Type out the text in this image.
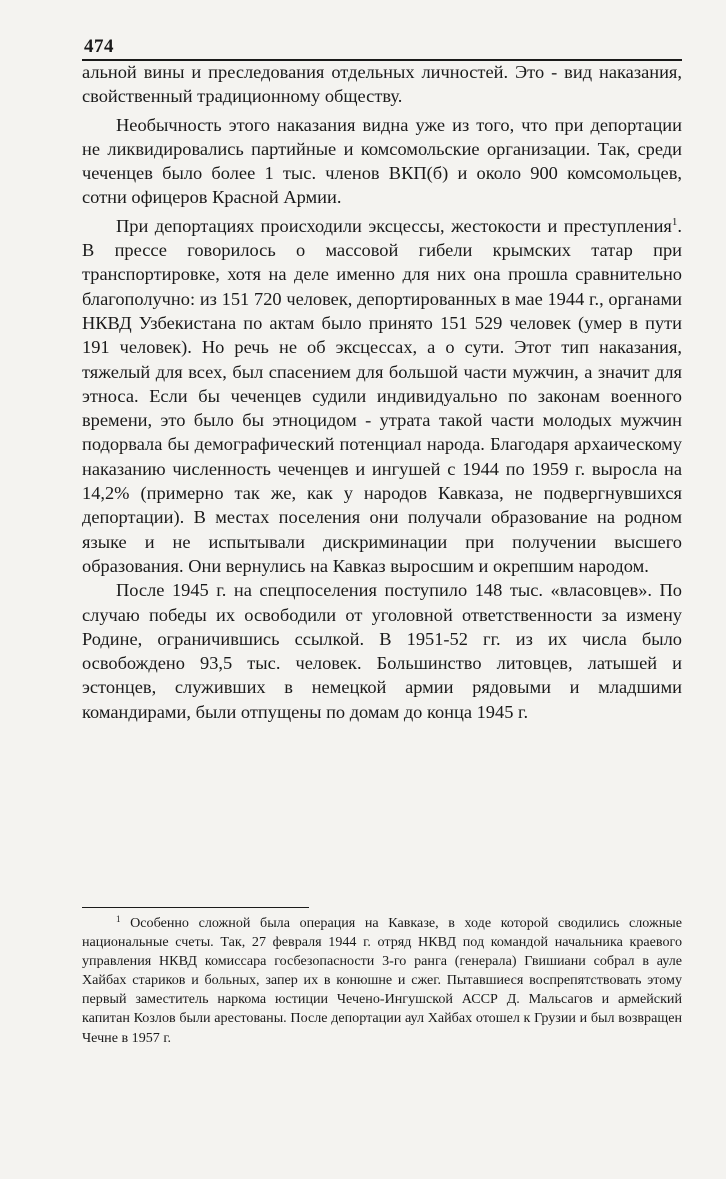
474

альной вины и преследования отдельных личностей. Это - вид наказания, свойственный традиционному обществу.

Необычность этого наказания видна уже из того, что при депортации не ликвидировались партийные и комсомольские организации. Так, среди чеченцев было более 1 тыс. членов ВКП(б) и около 900 комсомольцев, сотни офицеров Красной Армии.

При депортациях происходили эксцессы, жестокости и преступления$^1$. В прессе говорилось о массовой гибели крымских татар при транспортировке, хотя на деле именно для них она прошла сравнительно благополучно: из 151 720 человек, депортированных в мае 1944 г., органами НКВД Узбекистана по актам было принято 151 529 человек (умер в пути 191 человек). Но речь не об эксцессах, а о сути. Этот тип наказания, тяжелый для всех, был спасением для большой части мужчин, а значит для этноса. Если бы чеченцев судили индивидуально по законам военного времени, это было бы этноцидом - утрата такой части молодых мужчин подорвала бы демографический потенциал народа. Благодаря архаическому наказанию численность чеченцев и ингушей с 1944 по 1959 г. выросла на 14,2% (примерно так же, как у народов Кавказа, не подвергнувшихся депортации). В местах поселения они получали образование на родном языке и не испытывали дискриминации при получении высшего образования. Они вернулись на Кавказ выросшим и окрепшим народом.

После 1945 г. на спецпоселения поступило 148 тыс. «власовцев». По случаю победы их освободили от уголовной ответственности за измену Родине, ограничившись ссылкой. В 1951-52 гг. из их числа было освобождено 93,5 тыс. человек. Большинство литовцев, латышей и эстонцев, служивших в немецкой армии рядовыми и младшими командирами, были отпущены по домам до конца 1945 г.

$^1$ Особенно сложной была операция на Кавказе, в ходе которой сводились сложные национальные счеты. Так, 27 февраля 1944 г. отряд НКВД под командой начальника краевого управления НКВД комиссара госбезопасности 3-го ранга (генерала) Гвишиани собрал в ауле Хайбах стариков и больных, запер их в конюшне и сжег. Пытавшиеся воспрепятствовать этому первый заместитель наркома юстиции Чечено-Ингушской АССР Д. Мальсагов и армейский капитан Козлов были арестованы. После депортации аул Хайбах отошел к Грузии и был возвращен Чечне в 1957 г.
